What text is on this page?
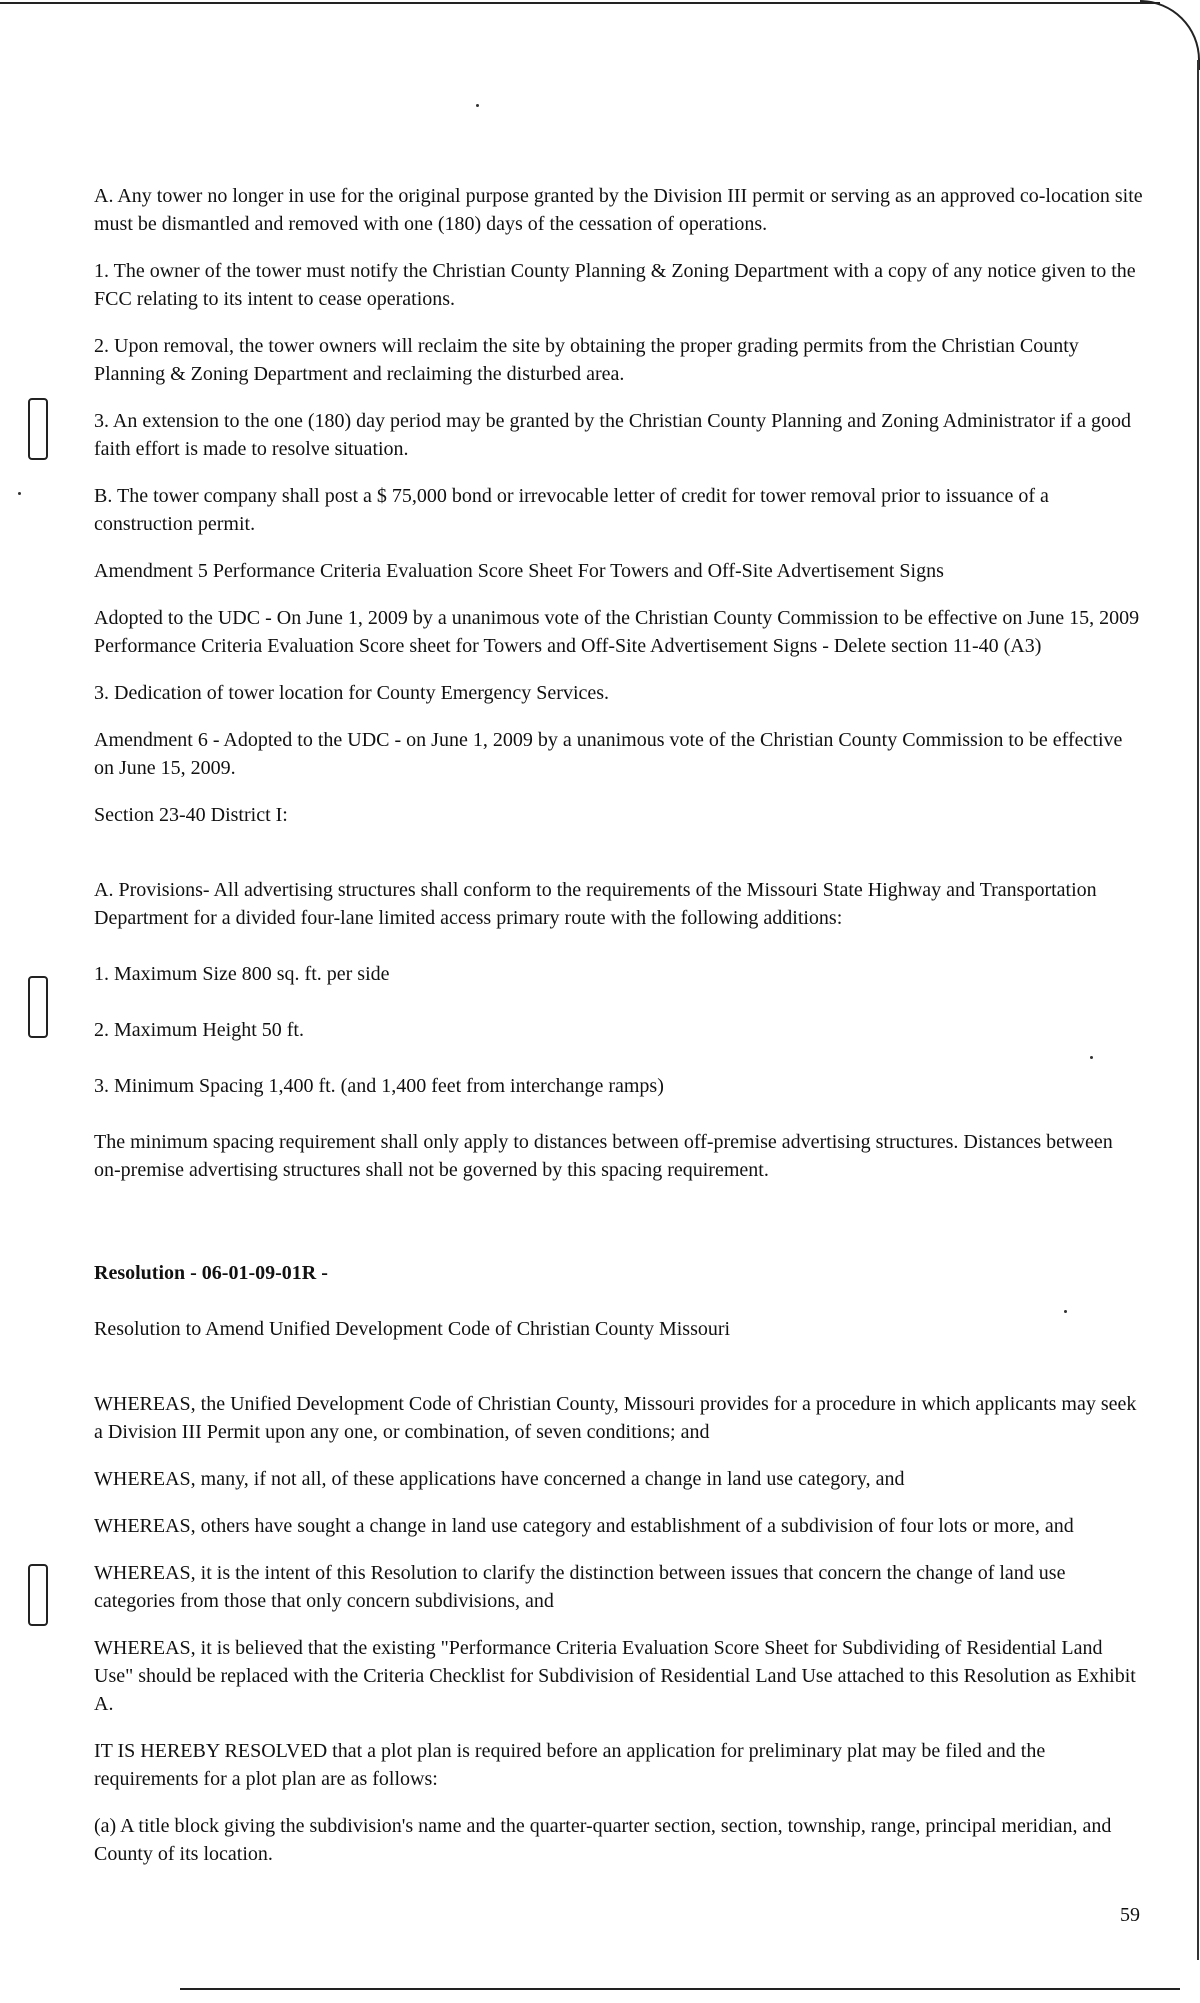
A. Any tower no longer in use for the original purpose granted by the Division III permit or serving as an approved co-location site must be dismantled and removed with one (180) days of the cessation of operations.

1. The owner of the tower must notify the Christian County Planning & Zoning Department with a copy of any notice given to the FCC relating to its intent to cease operations.

2. Upon removal, the tower owners will reclaim the site by obtaining the proper grading permits from the Christian County Planning & Zoning Department and reclaiming the disturbed area.

3. An extension to the one (180) day period may be granted by the Christian County Planning and Zoning Administrator if a good faith effort is made to resolve situation.

B. The tower company shall post a $ 75,000 bond or irrevocable letter of credit for tower removal prior to issuance of a construction permit.

Amendment 5 Performance Criteria Evaluation Score Sheet For Towers and Off-Site Advertisement Signs

Adopted to the UDC - On June 1, 2009 by a unanimous vote of the Christian County Commission to be effective on June 15, 2009

Performance Criteria Evaluation Score sheet for Towers and Off-Site Advertisement Signs - Delete section 11-40 (A3)

3. Dedication of tower location for County Emergency Services.

Amendment 6 - Adopted to the UDC - on June 1, 2009 by a unanimous vote of the Christian County Commission to be effective on June 15, 2009.

Section 23-40 District I:

A. Provisions- All advertising structures shall conform to the requirements of the Missouri State Highway and Transportation Department for a divided four-lane limited access primary route with the following additions:

1. Maximum Size 800 sq. ft. per side

2. Maximum Height 50 ft.

3. Minimum Spacing 1,400 ft. (and 1,400 feet from interchange ramps)

The minimum spacing requirement shall only apply to distances between off-premise advertising structures. Distances between on-premise advertising structures shall not be governed by this spacing requirement.

Resolution - 06-01-09-01R -

Resolution to Amend Unified Development Code of Christian County Missouri

WHEREAS, the Unified Development Code of Christian County, Missouri provides for a procedure in which applicants may seek a Division III Permit upon any one, or combination, of seven conditions; and

WHEREAS, many, if not all, of these applications have concerned a change in land use category, and

WHEREAS, others have sought a change in land use category and establishment of a subdivision of four lots or more, and

WHEREAS, it is the intent of this Resolution to clarify the distinction between issues that concern the change of land use categories from those that only concern subdivisions, and

WHEREAS, it is believed that the existing "Performance Criteria Evaluation Score Sheet for Subdividing of Residential Land Use" should be replaced with the Criteria Checklist for Subdivision of Residential Land Use attached to this Resolution as Exhibit A.

IT IS HEREBY RESOLVED that a plot plan is required before an application for preliminary plat may be filed and the requirements for a plot plan are as follows:

(a) A title block giving the subdivision's name and the quarter-quarter section, section, township, range, principal meridian, and County of its location.

59
